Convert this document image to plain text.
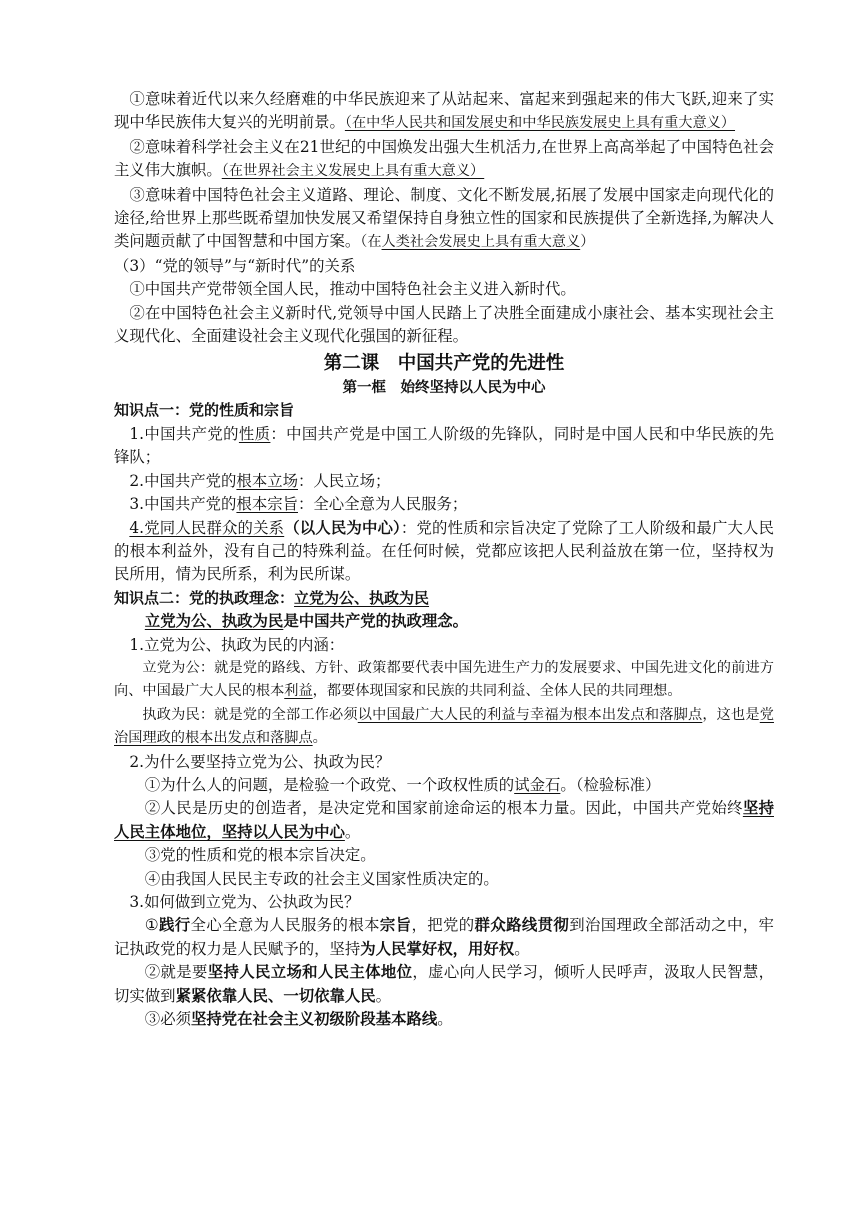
①意味着近代以来久经磨难的中华民族迎来了从站起来、富起来到强起来的伟大飞跃,迎来了实现中华民族伟大复兴的光明前景。（在中华人民共和国发展史和中华民族发展史上具有重大意义）

②意味着科学社会主义在21世纪的中国焕发出强大生机活力,在世界上高高举起了中国特色社会主义伟大旗帜。（在世界社会主义发展史上具有重大意义）

③意味着中国特色社会主义道路、理论、制度、文化不断发展,拓展了发展中国家走向现代化的途径,给世界上那些既希望加快发展又希望保持自身独立性的国家和民族提供了全新选择,为解决人类问题贡献了中国智慧和中国方案。（在人类社会发展史上具有重大意义）

（3）“党的领导”与“新时代”的关系

①中国共产党带领全国人民，推动中国特色社会主义进入新时代。

②在中国特色社会主义新时代,党领导中国人民踏上了决胜全面建成小康社会、基本实现社会主义现代化、全面建设社会主义现代化强国的新征程。

第二课　中国共产党的先进性

第一框　始终坚持以人民为中心

知识点一：党的性质和宗旨

1.中国共产党的性质：中国共产党是中国工人阶级的先锋队，同时是中国人民和中华民族的先锋队；

2.中国共产党的根本立场：人民立场；

3.中国共产党的根本宗旨：全心全意为人民服务；

4.党同人民群众的关系（以人民为中心）：党的性质和宗旨决定了党除了工人阶级和最广大人民的根本利益外，没有自己的特殊利益。在任何时候，党都应该把人民利益放在第一位，坚持权为民所用，情为民所系，利为民所谋。

知识点二：党的执政理念：立党为公、执政为民

立党为公、执政为民是中国共产党的执政理念。

1.立党为公、执政为民的内涵：

立党为公：就是党的路线、方针、政策都要代表中国先进生产力的发展要求、中国先进文化的前进方向、中国最广大人民的根本利益，都要体现国家和民族的共同利益、全体人民的共同理想。

执政为民：就是党的全部工作必须以中国最广大人民的利益与幸福为根本出发点和落脚点，这也是党治国理政的根本出发点和落脚点。

2.为什么要坚持立党为公、执政为民？

①为什么人的问题，是检验一个政党、一个政权性质的试金石。（检验标准）

②人民是历史的创造者，是决定党和国家前途命运的根本力量。因此，中国共产党始终坚持人民主体地位，坚持以人民为中心。

③党的性质和党的根本宗旨决定。

④由我国人民民主专政的社会主义国家性质决定的。

3.如何做到立党为、公执政为民？

①践行全心全意为人民服务的根本宗旨，把党的群众路线贯彻到治国理政全部活动之中，牢记执政党的权力是人民赋予的，坚持为人民掌好权，用好权。

②就是要坚持人民立场和人民主体地位，虚心向人民学习，倾听人民呼声，汲取人民智慧，切实做到紧紧依靠人民、一切依靠人民。

③必须坚持党在社会主义初级阶段基本路线。
